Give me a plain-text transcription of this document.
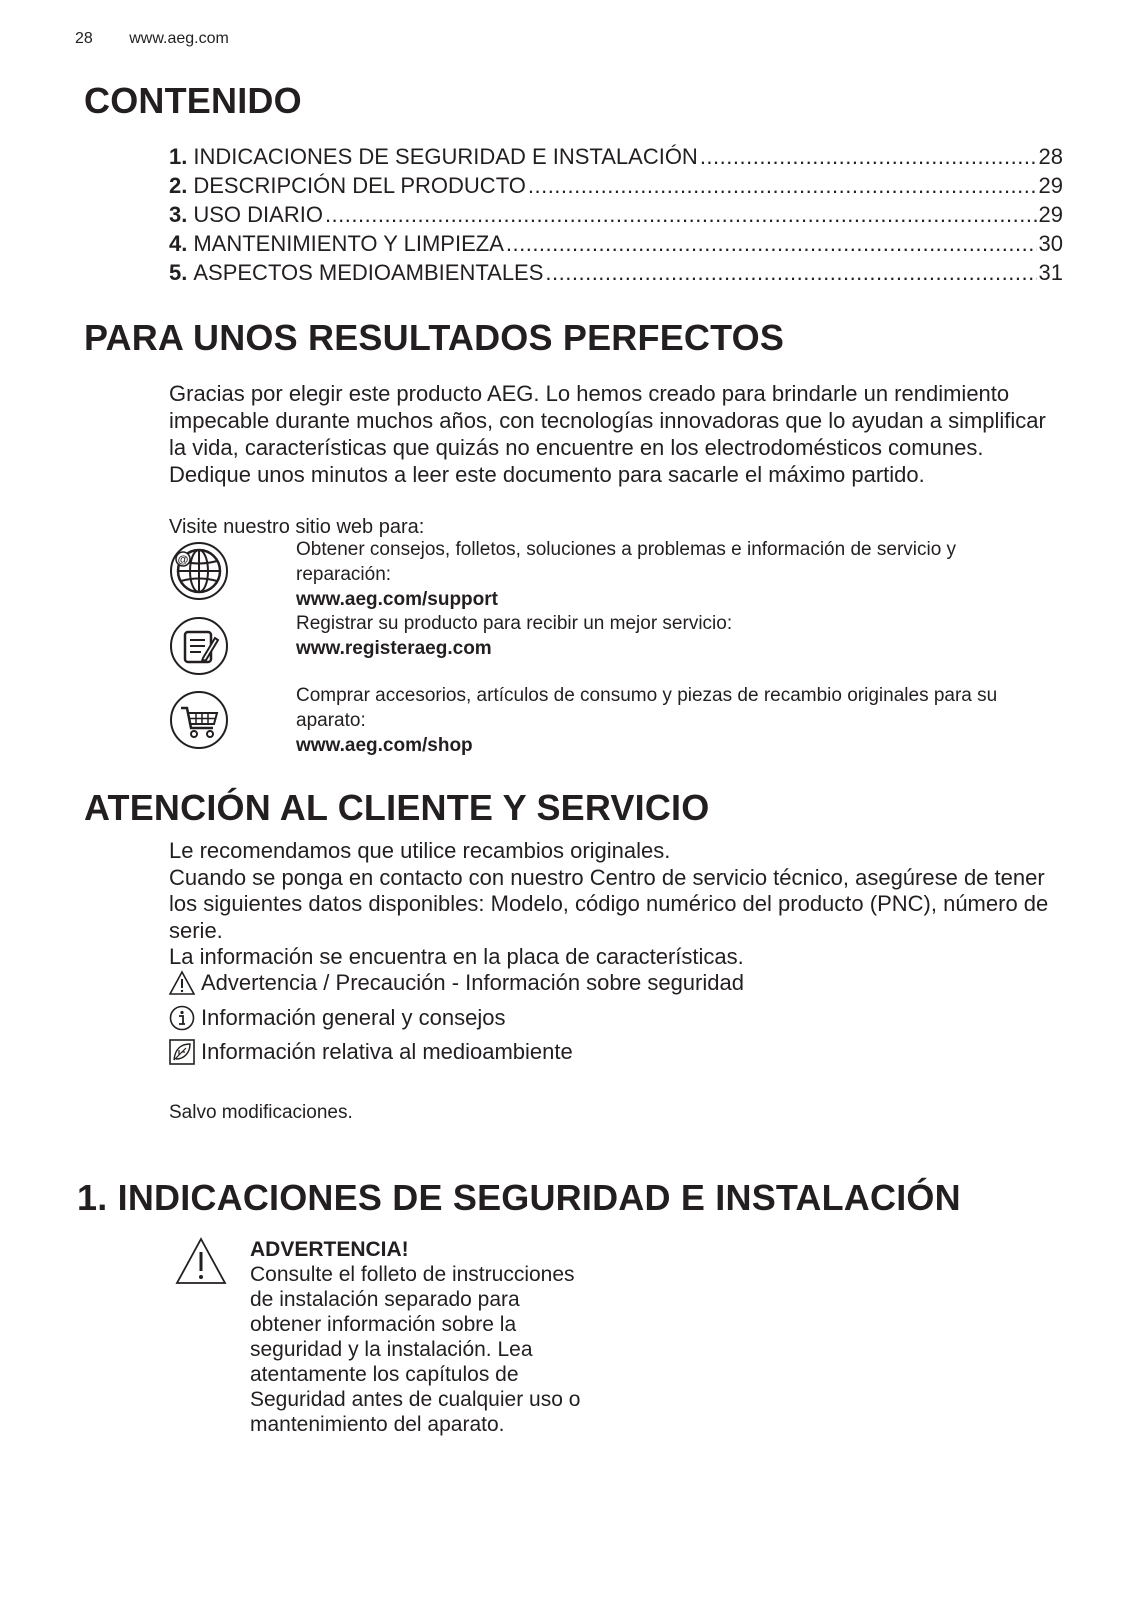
28 www.aeg.com
CONTENIDO
1. INDICACIONES DE SEGURIDAD E INSTALACIÓN .....	28
2. DESCRIPCIÓN DEL PRODUCTO .....	29
3. USO DIARIO .....	29
4. MANTENIMIENTO Y LIMPIEZA .....	30
5. ASPECTOS MEDIOAMBIENTALES .....	31
PARA UNOS RESULTADOS PERFECTOS

Gracias por elegir este producto AEG. Lo hemos creado para brindarle un rendimiento impecable durante muchos años, con tecnologías innovadoras que lo ayudan a simplificar la vida, características que quizás no encuentre en los electrodomésticos comunes. Dedique unos minutos a leer este documento para sacarle el máximo partido.

Visite nuestro sitio web para:
@	Obtener consejos, folletos, soluciones a problemas e información de servicio y reparación:

www.aeg.com/support

Registrar su producto para recibir un mejor servicio:

www.registeraeg.com

Comprar accesorios, artículos de consumo y piezas de recambio originales para su aparato:

www.aeg.com/shop

ATENCIÓN AL CLIENTE Y SERVICIO

Le recomendamos que utilice recambios originales.

Cuando se ponga en contacto con nuestro Centro de servicio técnico, asegúrese de tener los siguientes datos disponibles: Modelo, código numérico del producto (PNC), número de serie.

La información se encuentra en la placa de características.

Advertencia / Precaución - Información sobre seguridad
Información general y consejos
Información relativa al medioambiente
Salvo modificaciones.
1. INDICACIONES DE SEGURIDAD E INSTALACIÓN
ADVERTENCIA!
Consulte el folleto de instrucciones de instalación separado para obtener información sobre la seguridad y la instalación. Lea atentamente los capítulos de Seguridad antes de cualquier uso o mantenimiento del aparato.
